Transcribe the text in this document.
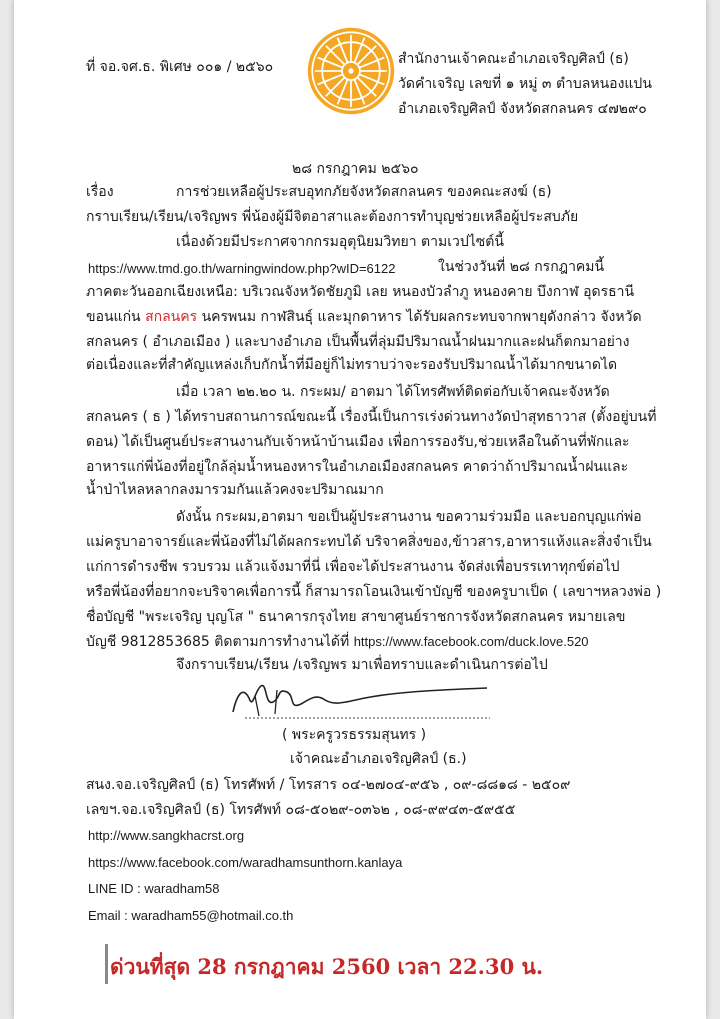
ที่ จอ.จศ.ธ. พิเศษ ๐๐๑ / ๒๕๖๐	สำนักงานเจ้าคณะอำเภอเจริญศิลป์ (ธ)
วัดคำเจริญ เลขที่ ๑ หมู่ ๓ ตำบลหนองแปน
อำเภอเจริญศิลป์ จังหวัดสกลนคร ๔๗๒๙๐
๒๘ กรกฎาคม ๒๕๖๐
เรื่อง	การช่วยเหลือผู้ประสบอุทกภัยจังหวัดสกลนคร ของคณะสงฆ์ (ธ)
กราบเรียน/เรียน/เจริญพร พี่น้องผู้มีจิตอาสาและต้องการทำบุญช่วยเหลือผู้ประสบภัย
เนื่องด้วยมีประกาศจากกรมอุตุนิยมวิทยา ตามเวปไซต์นี้
https://www.tmd.go.th/warningwindow.php?wID=6122	ในช่วงวันที่ ๒๘ กรกฎาคมนี้
ภาคตะวันออกเฉียงเหนือ: บริเวณจังหวัดชัยภูมิ เลย หนองบัวลำภู หนองคาย บึงกาฬ อุดรธานี
ขอนแก่น สกลนคร นครพนม กาฬสินธุ์ และมุกดาหาร ได้รับผลกระทบจากพายุดังกล่าว จังหวัด
สกลนคร ( อำเภอเมือง ) และบางอำเภอ เป็นพื้นที่ลุ่มมีปริมาณน้ำฝนมากและฝนก็ตกมาอย่าง
ต่อเนื่องและที่สำคัญแหล่งเก็บกักน้ำที่มีอยู่ก็ไม่ทราบว่าจะรองรับปริมาณน้ำได้มากขนาดได
เมื่อ เวลา ๒๒.๒๐ น. กระผม/ อาตมา ได้โทรศัพท์ติดต่อกับเจ้าคณะจังหวัด
สกลนคร ( ธ ) ได้ทราบสถานการณ์ขณะนี้ เรื่องนี้เป็นการเร่งด่วนทางวัดป่าสุทธาวาส (ตั้งอยู่บนที่
ดอน) ได้เป็นศูนย์ประสานงานกับเจ้าหน้าบ้านเมือง เพื่อการรองรับ,ช่วยเหลือในด้านที่พักและ
อาหารแก่พี่น้องที่อยู่ใกล้ลุ่มน้ำหนองหารในอำเภอเมืองสกลนคร คาดว่าถ้าปริมาณน้ำฝนและ
น้ำป่าไหลหลากลงมารวมกันแล้วคงจะปริมาณมาก
ดังนั้น กระผม,อาตมา ขอเป็นผู้ประสานงาน ขอความร่วมมือ และบอกบุญแก่พ่อ
แม่ครูบาอาจารย์และพี่น้องที่ไม่ได้ผลกระทบได้ บริจาคสิ่งของ,ข้าวสาร,อาหารแห้งและสิ่งจำเป็น
แก่การดำรงชีพ รวบรวม แล้วแจ้งมาที่นี่ เพื่อจะได้ประสานงาน จัดส่งเพื่อบรรเทาทุกข์ต่อไป
หรือพี่น้องที่อยากจะบริจาคเพื่อการนี้ ก็สามารถโอนเงินเข้าบัญชี ของครูบาเป็ด ( เลขาฯหลวงพ่อ )
ชื่อบัญชี "พระเจริญ บุญโส " ธนาคารกรุงไทย สาขาศูนย์ราชการจังหวัดสกลนคร หมายเลข
บัญชี 9812853685 ติดตามการทำงานได้ที่ https://www.facebook.com/duck.love.520
จึงกราบเรียน/เรียน /เจริญพร มาเพื่อทราบและดำเนินการต่อไป
( พระครูวรธรรมสุนทร )
เจ้าคณะอำเภอเจริญศิลป์ (ธ.)
สนง.จอ.เจริญศิลป์ (ธ) โทรศัพท์ / โทรสาร ๐๔-๒๗๐๔-๙๕๖ , ๐๙-๘๘๑๘ - ๒๕๐๙
เลขฯ.จอ.เจริญศิลป์ (ธ) โทรศัพท์ ๐๘-๕๐๒๙-๐๓๖๒ , ๐๘-๙๙๔๓-๕๙๕๕
http://www.sangkhacrst.org
https://www.facebook.com/waradhamsunthorn.kanlaya
LINE ID : waradham58
Email : waradham55@hotmail.co.th
ด่วนที่สุด 28 กรกฎาคม 2560 เวลา 22.30 น.
